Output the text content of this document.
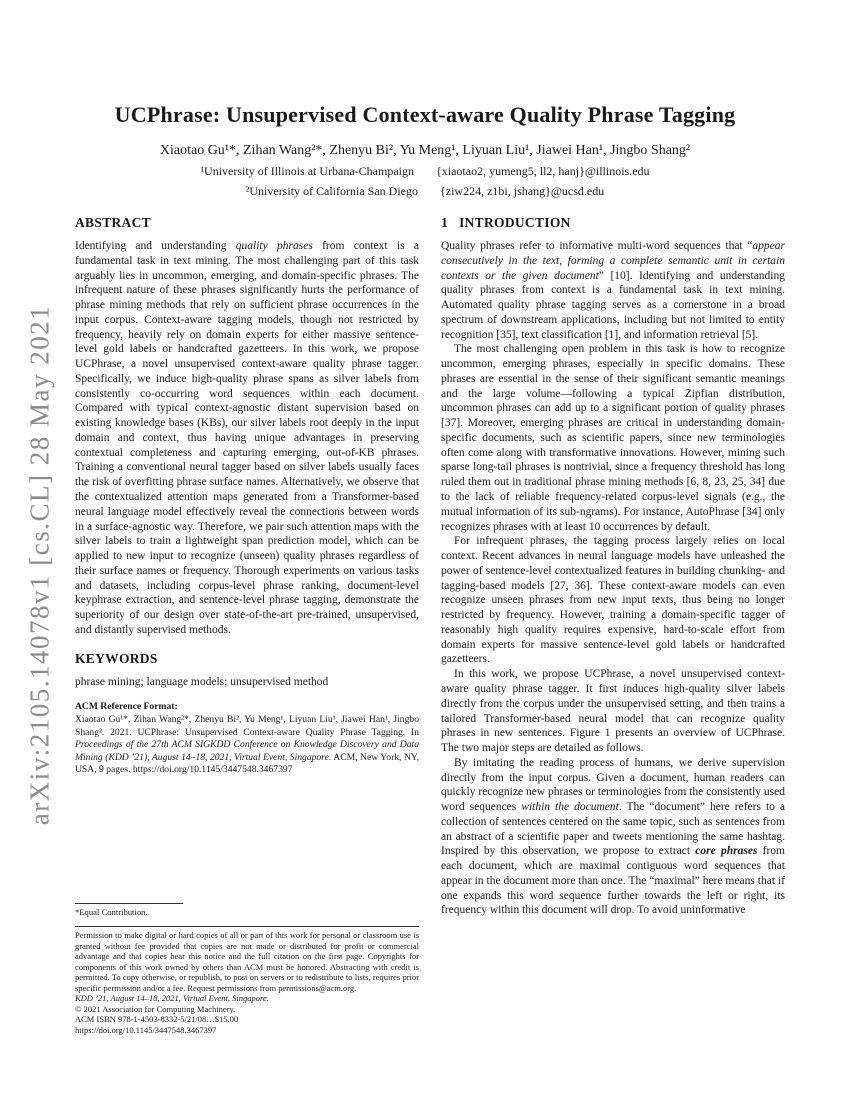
arXiv:2105.14078v1 [cs.CL] 28 May 2021
UCPhrase: Unsupervised Context-aware Quality Phrase Tagging
Xiaotao Gu¹*, Zihan Wang²*, Zhenyu Bi², Yu Meng¹, Liyuan Liu¹, Jiawei Han¹, Jingbo Shang²
¹University of Illinois at Urbana-Champaign {xiaotao2, yumeng5, ll2, hanj}@illinois.edu
²University of California San Diego {ziw224, z1bi, jshang}@ucsd.edu
ABSTRACT

Identifying and understanding quality phrases from context is a fundamental task in text mining. The most challenging part of this task arguably lies in uncommon, emerging, and domain-specific phrases. The infrequent nature of these phrases significantly hurts the performance of phrase mining methods that rely on sufficient phrase occurrences in the input corpus. Context-aware tagging models, though not restricted by frequency, heavily rely on domain experts for either massive sentence-level gold labels or handcrafted gazetteers. In this work, we propose UCPhrase, a novel unsupervised context-aware quality phrase tagger. Specifically, we induce high-quality phrase spans as silver labels from consistently co-occurring word sequences within each document. Compared with typical context-agnostic distant supervision based on existing knowledge bases (KBs), our silver labels root deeply in the input domain and context, thus having unique advantages in preserving contextual completeness and capturing emerging, out-of-KB phrases. Training a conventional neural tagger based on silver labels usually faces the risk of overfitting phrase surface names. Alternatively, we observe that the contextualized attention maps generated from a Transformer-based neural language model effectively reveal the connections between words in a surface-agnostic way. Therefore, we pair such attention maps with the silver labels to train a lightweight span prediction model, which can be applied to new input to recognize (unseen) quality phrases regardless of their surface names or frequency. Thorough experiments on various tasks and datasets, including corpus-level phrase ranking, document-level keyphrase extraction, and sentence-level phrase tagging, demonstrate the superiority of our design over state-of-the-art pre-trained, unsupervised, and distantly supervised methods.

KEYWORDS

phrase mining; language models; unsupervised method

ACM Reference Format:

Xiaotao Gu¹*, Zihan Wang²*, Zhenyu Bi², Yu Meng¹, Liyuan Liu¹, Jiawei Han¹, Jingbo Shang². 2021. UCPhrase: Unsupervised Context-aware Quality Phrase Tagging. In Proceedings of the 27th ACM SIGKDD Conference on Knowledge Discovery and Data Mining (KDD ’21), August 14–18, 2021, Virtual Event, Singapore. ACM, New York, NY, USA, 9 pages. https://doi.org/10.1145/3447548.3467397

*Equal Contribution.

Permission to make digital or hard copies of all or part of this work for personal or classroom use is granted without fee provided that copies are not made or distributed for profit or commercial advantage and that copies bear this notice and the full citation on the first page. Copyrights for components of this work owned by others than ACM must be honored. Abstracting with credit is permitted. To copy otherwise, or republish, to post on servers or to redistribute to lists, requires prior specific permission and/or a fee. Request permissions from permissions@acm.org.

KDD ’21, August 14–18, 2021, Virtual Event, Singapore.

© 2021 Association for Computing Machinery.

ACM ISBN 978-1-4503-8332-5/21/08…$15.00

https://doi.org/10.1145/3447548.3467397

1   INTRODUCTION

Quality phrases refer to informative multi-word sequences that “appear consecutively in the text, forming a complete semantic unit in certain contexts or the given document” [10]. Identifying and understanding quality phrases from context is a fundamental task in text mining. Automated quality phrase tagging serves as a cornerstone in a broad spectrum of downstream applications, including but not limited to entity recognition [35], text classification [1], and information retrieval [5].

The most challenging open problem in this task is how to recognize uncommon, emerging phrases, especially in specific domains. These phrases are essential in the sense of their significant semantic meanings and the large volume—following a typical Zipfian distribution, uncommon phrases can add up to a significant portion of quality phrases [37]. Moreover, emerging phrases are critical in understanding domain-specific documents, such as scientific papers, since new terminologies often come along with transformative innovations. However, mining such sparse long-tail phrases is nontrivial, since a frequency threshold has long ruled them out in traditional phrase mining methods [6, 8, 23, 25, 34] due to the lack of reliable frequency-related corpus-level signals (e.g., the mutual information of its sub-ngrams). For instance, AutoPhrase [34] only recognizes phrases with at least 10 occurrences by default.

For infrequent phrases, the tagging process largely relies on local context. Recent advances in neural language models have unleashed the power of sentence-level contextualized features in building chunking- and tagging-based models [27, 36]. These context-aware models can even recognize unseen phrases from new input texts, thus being no longer restricted by frequency. However, training a domain-specific tagger of reasonably high quality requires expensive, hard-to-scale effort from domain experts for massive sentence-level gold labels or handcrafted gazetteers.

In this work, we propose UCPhrase, a novel unsupervised context-aware quality phrase tagger. It first induces high-quality silver labels directly from the corpus under the unsupervised setting, and then trains a tailored Transformer-based neural model that can recognize quality phrases in new sentences. Figure 1 presents an overview of UCPhrase. The two major steps are detailed as follows.

By imitating the reading process of humans, we derive supervision directly from the input corpus. Given a document, human readers can quickly recognize new phrases or terminologies from the consistently used word sequences within the document. The “document” here refers to a collection of sentences centered on the same topic, such as sentences from an abstract of a scientific paper and tweets mentioning the same hashtag. Inspired by this observation, we propose to extract core phrases from each document, which are maximal contiguous word sequences that appear in the document more than once. The “maximal” here means that if one expands this word sequence further towards the left or right, its frequency within this document will drop. To avoid uninformative
